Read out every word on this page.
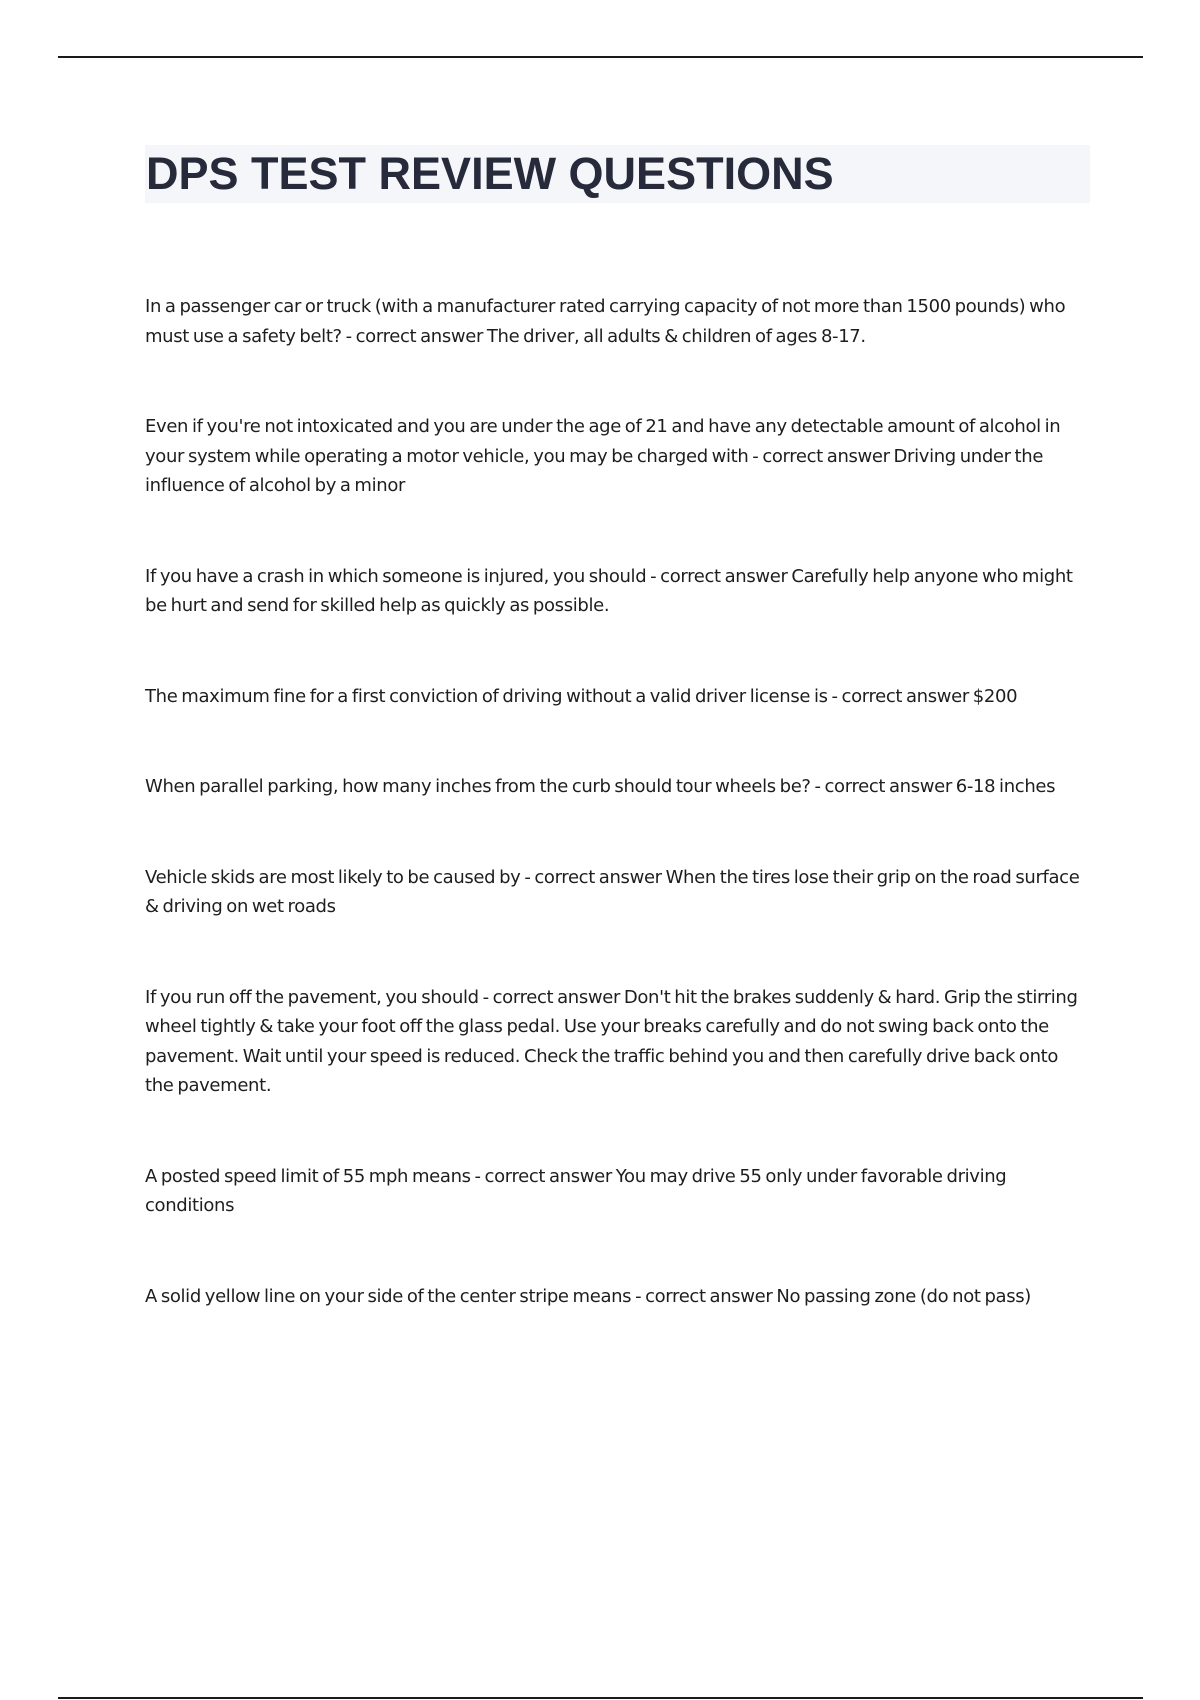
DPS TEST REVIEW QUESTIONS

In a passenger car or truck (with a manufacturer rated carrying capacity of not more than 1500 pounds) who must use a safety belt? - correct answer The driver, all adults & children of ages 8-17.

Even if you're not intoxicated and you are under the age of 21 and have any detectable amount of alcohol in your system while operating a motor vehicle, you may be charged with - correct answer Driving under the influence of alcohol by a minor

If you have a crash in which someone is injured, you should - correct answer Carefully help anyone who might be hurt and send for skilled help as quickly as possible.

The maximum fine for a first conviction of driving without a valid driver license is - correct answer $200

When parallel parking, how many inches from the curb should tour wheels be? - correct answer 6-18 inches

Vehicle skids are most likely to be caused by - correct answer When the tires lose their grip on the road surface & driving on wet roads

If you run off the pavement, you should - correct answer Don't hit the brakes suddenly & hard. Grip the stirring wheel tightly & take your foot off the glass pedal. Use your breaks carefully and do not swing back onto the pavement. Wait until your speed is reduced. Check the traffic behind you and then carefully drive back onto the pavement.

A posted speed limit of 55 mph means - correct answer You may drive 55 only under favorable driving conditions

A solid yellow line on your side of the center stripe means - correct answer No passing zone (do not pass)
